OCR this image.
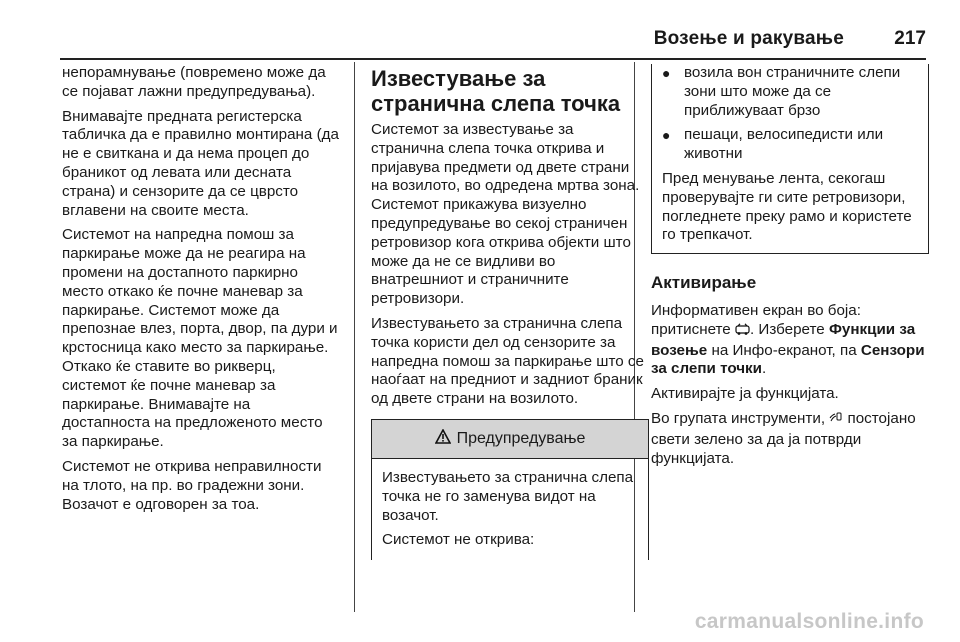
Возење и ракување	217

непорамнување (повремено може да се појават лажни предупредувања).

Внимавајте предната регистерска табличка да е правилно монтирана (да не е свиткана и да нема процеп до браникот од левата или десната страна) и сензорите да се цврсто вглавени на своите места.

Системот на напредна помош за паркирање може да не реагира на промени на достапното паркирно место откако ќе почне маневар за паркирање. Системот може да препознае влез, порта, двор, па дури и крстосница како место за паркирање. Откако ќе ставите во рикверц, системот ќе почне маневар за паркирање. Внимавајте на достапноста на предложеното место за паркирање.

Системот не открива неправилности на тлото, на пр. во градежни зони. Возачот е одговорен за тоа.

Известување за странична слепа точка

Системот за известување за странична слепа точка открива и пријавува предмети од двете страни на возилото, во одредена мртва зона. Системот прикажува визуелно предупредување во секој страничен ретровизор кога открива објекти што може да не се видливи во внатрешниот и страничните ретровизори.

Известувањето за странична слепа точка користи дел од сензорите за напредна помош за паркирање што се наоѓаат на предниот и задниот браник од двете страни на возилото.

Предупредување

Известувањето за странична слепа точка не го заменува видот на возачот.

Системот не открива:

● возила вон страничните слепи зони што може да се приближуваат брзо
● пешаци, велосипедисти или животни

Пред менување лента, секогаш проверувајте ги сите ретровизори, погледнете преку рамо и користете го трепкачот.

Активирање

Информативен екран во боја: притиснете . Изберете Функции за возење на Инфо-екранот, па Сензори за слепи точки.

Активирајте ја функцијата.

Во групата инструменти,  постојано свети зелено за да ја потврди функцијата.

carmanualsonline.info
